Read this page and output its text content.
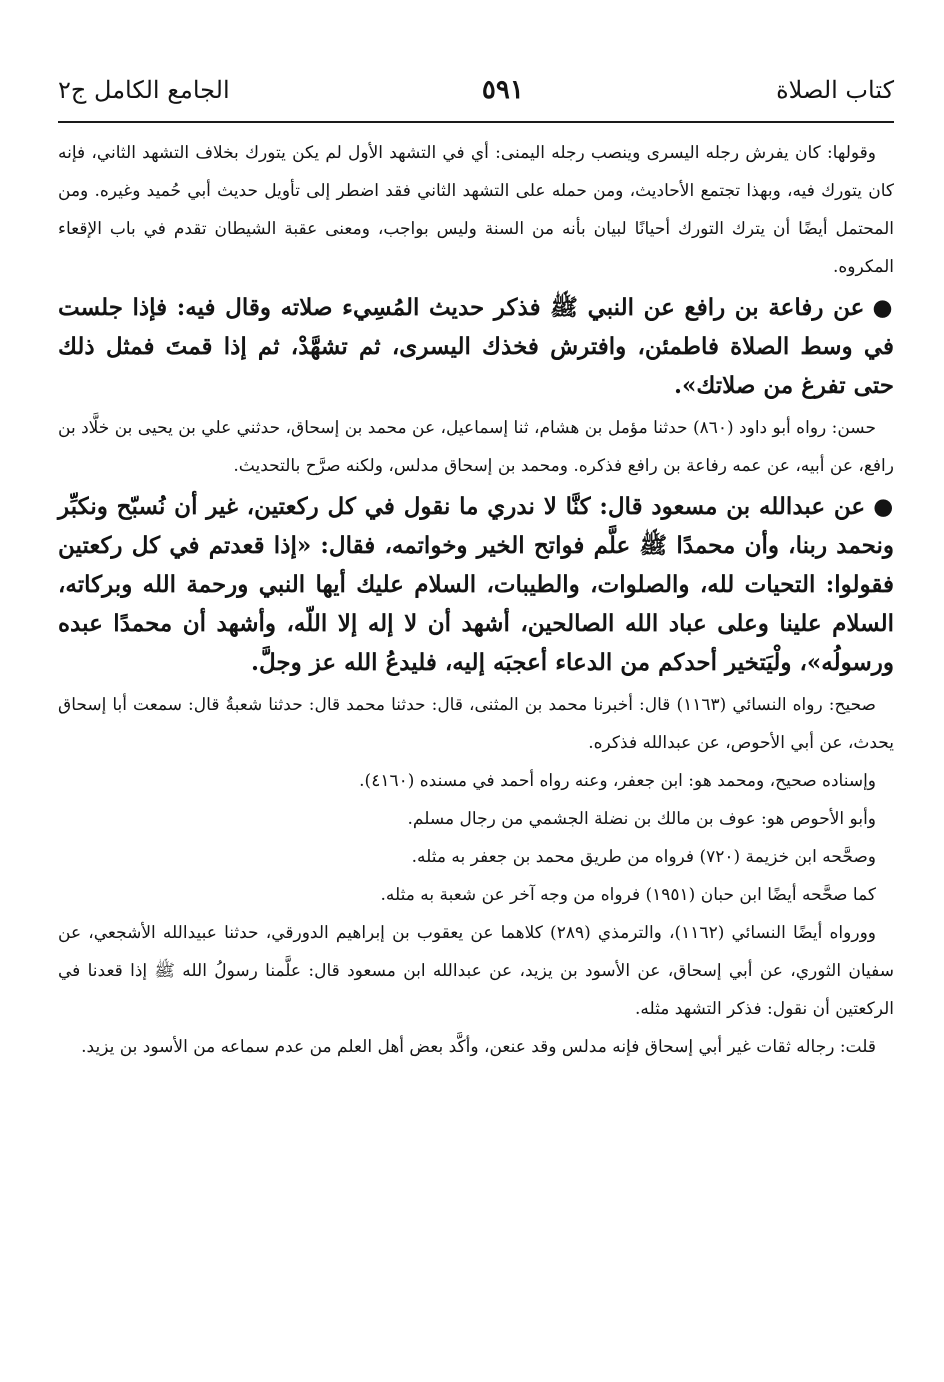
كتاب الصلاة
٥٩١
الجامع الكامل ج٢

وقولها: كان يفرش رجله اليسرى وينصب رجله اليمنى: أي في التشهد الأول لم يكن يتورك بخلاف التشهد الثاني، فإنه كان يتورك فيه، وبهذا تجتمع الأحاديث، ومن حمله على التشهد الثاني فقد اضطر إلى تأويل حديث أبي حُميد وغيره. ومن المحتمل أيضًا أن يترك التورك أحيانًا لبيان بأنه من السنة وليس بواجب، ومعنى عقبة الشيطان تقدم في باب الإقعاء المكروه.

●عن رفاعة بن رافع عن النبي ﷺ فذكر حديث المُسِيء صلاته وقال فيه: فإذا جلست في وسط الصلاة فاطمئن، وافترش فخذك اليسرى، ثم تشهَّدْ، ثم إذا قمتَ فمثل ذلك حتى تفرغ من صلاتك».

حسن: رواه أبو داود (٨٦٠) حدثنا مؤمل بن هشام، ثنا إسماعيل، عن محمد بن إسحاق، حدثني علي بن يحيى بن خلَّاد بن رافع، عن أبيه، عن عمه رفاعة بن رافع فذكره. ومحمد بن إسحاق مدلس، ولكنه صرَّح بالتحديث.

●عن عبدالله بن مسعود قال: كنَّا لا ندري ما نقول في كل ركعتين، غير أن نُسبّح ونكبِّر ونحمد ربنا، وأن محمدًا ﷺ علَّم فواتح الخير وخواتمه، فقال: «إذا قعدتم في كل ركعتين فقولوا: التحيات لله، والصلوات، والطيبات، السلام عليك أيها النبي ورحمة الله وبركاته، السلام علينا وعلى عباد الله الصالحين، أشهد أن لا إله إلا اللّه، وأشهد أن محمدًا عبده ورسولُه»، ولْيَتخير أحدكم من الدعاء أعجبَه إليه، فليدعُ الله عز وجلَّ.

صحيح: رواه النسائي (١١٦٣) قال: أخبرنا محمد بن المثنى، قال: حدثنا محمد قال: حدثنا شعبةُ قال: سمعت أبا إسحاق يحدث، عن أبي الأحوص، عن عبدالله فذكره.

وإسناده صحيح، ومحمد هو: ابن جعفر، وعنه رواه أحمد في مسنده (٤١٦٠).

وأبو الأحوص هو: عوف بن مالك بن نضلة الجشمي من رجال مسلم.

وصحَّحه ابن خزيمة (٧٢٠) فرواه من طريق محمد بن جعفر به مثله.

كما صحَّحه أيضًا ابن حبان (١٩٥١) فرواه من وجه آخر عن شعبة به مثله.

وورواه أيضًا النسائي (١١٦٢)، والترمذي (٢٨٩) كلاهما عن يعقوب بن إبراهيم الدورقي، حدثنا عبيدالله الأشجعي، عن سفيان الثوري، عن أبي إسحاق، عن الأسود بن يزيد، عن عبدالله ابن مسعود قال: علَّمنا رسولُ الله ﷺ إذا قعدنا في الركعتين أن نقول: فذكر التشهد مثله.

قلت: رجاله ثقات غير أبي إسحاق فإنه مدلس وقد عنعن، وأكَّد بعض أهل العلم من عدم سماعه من الأسود بن يزيد.
